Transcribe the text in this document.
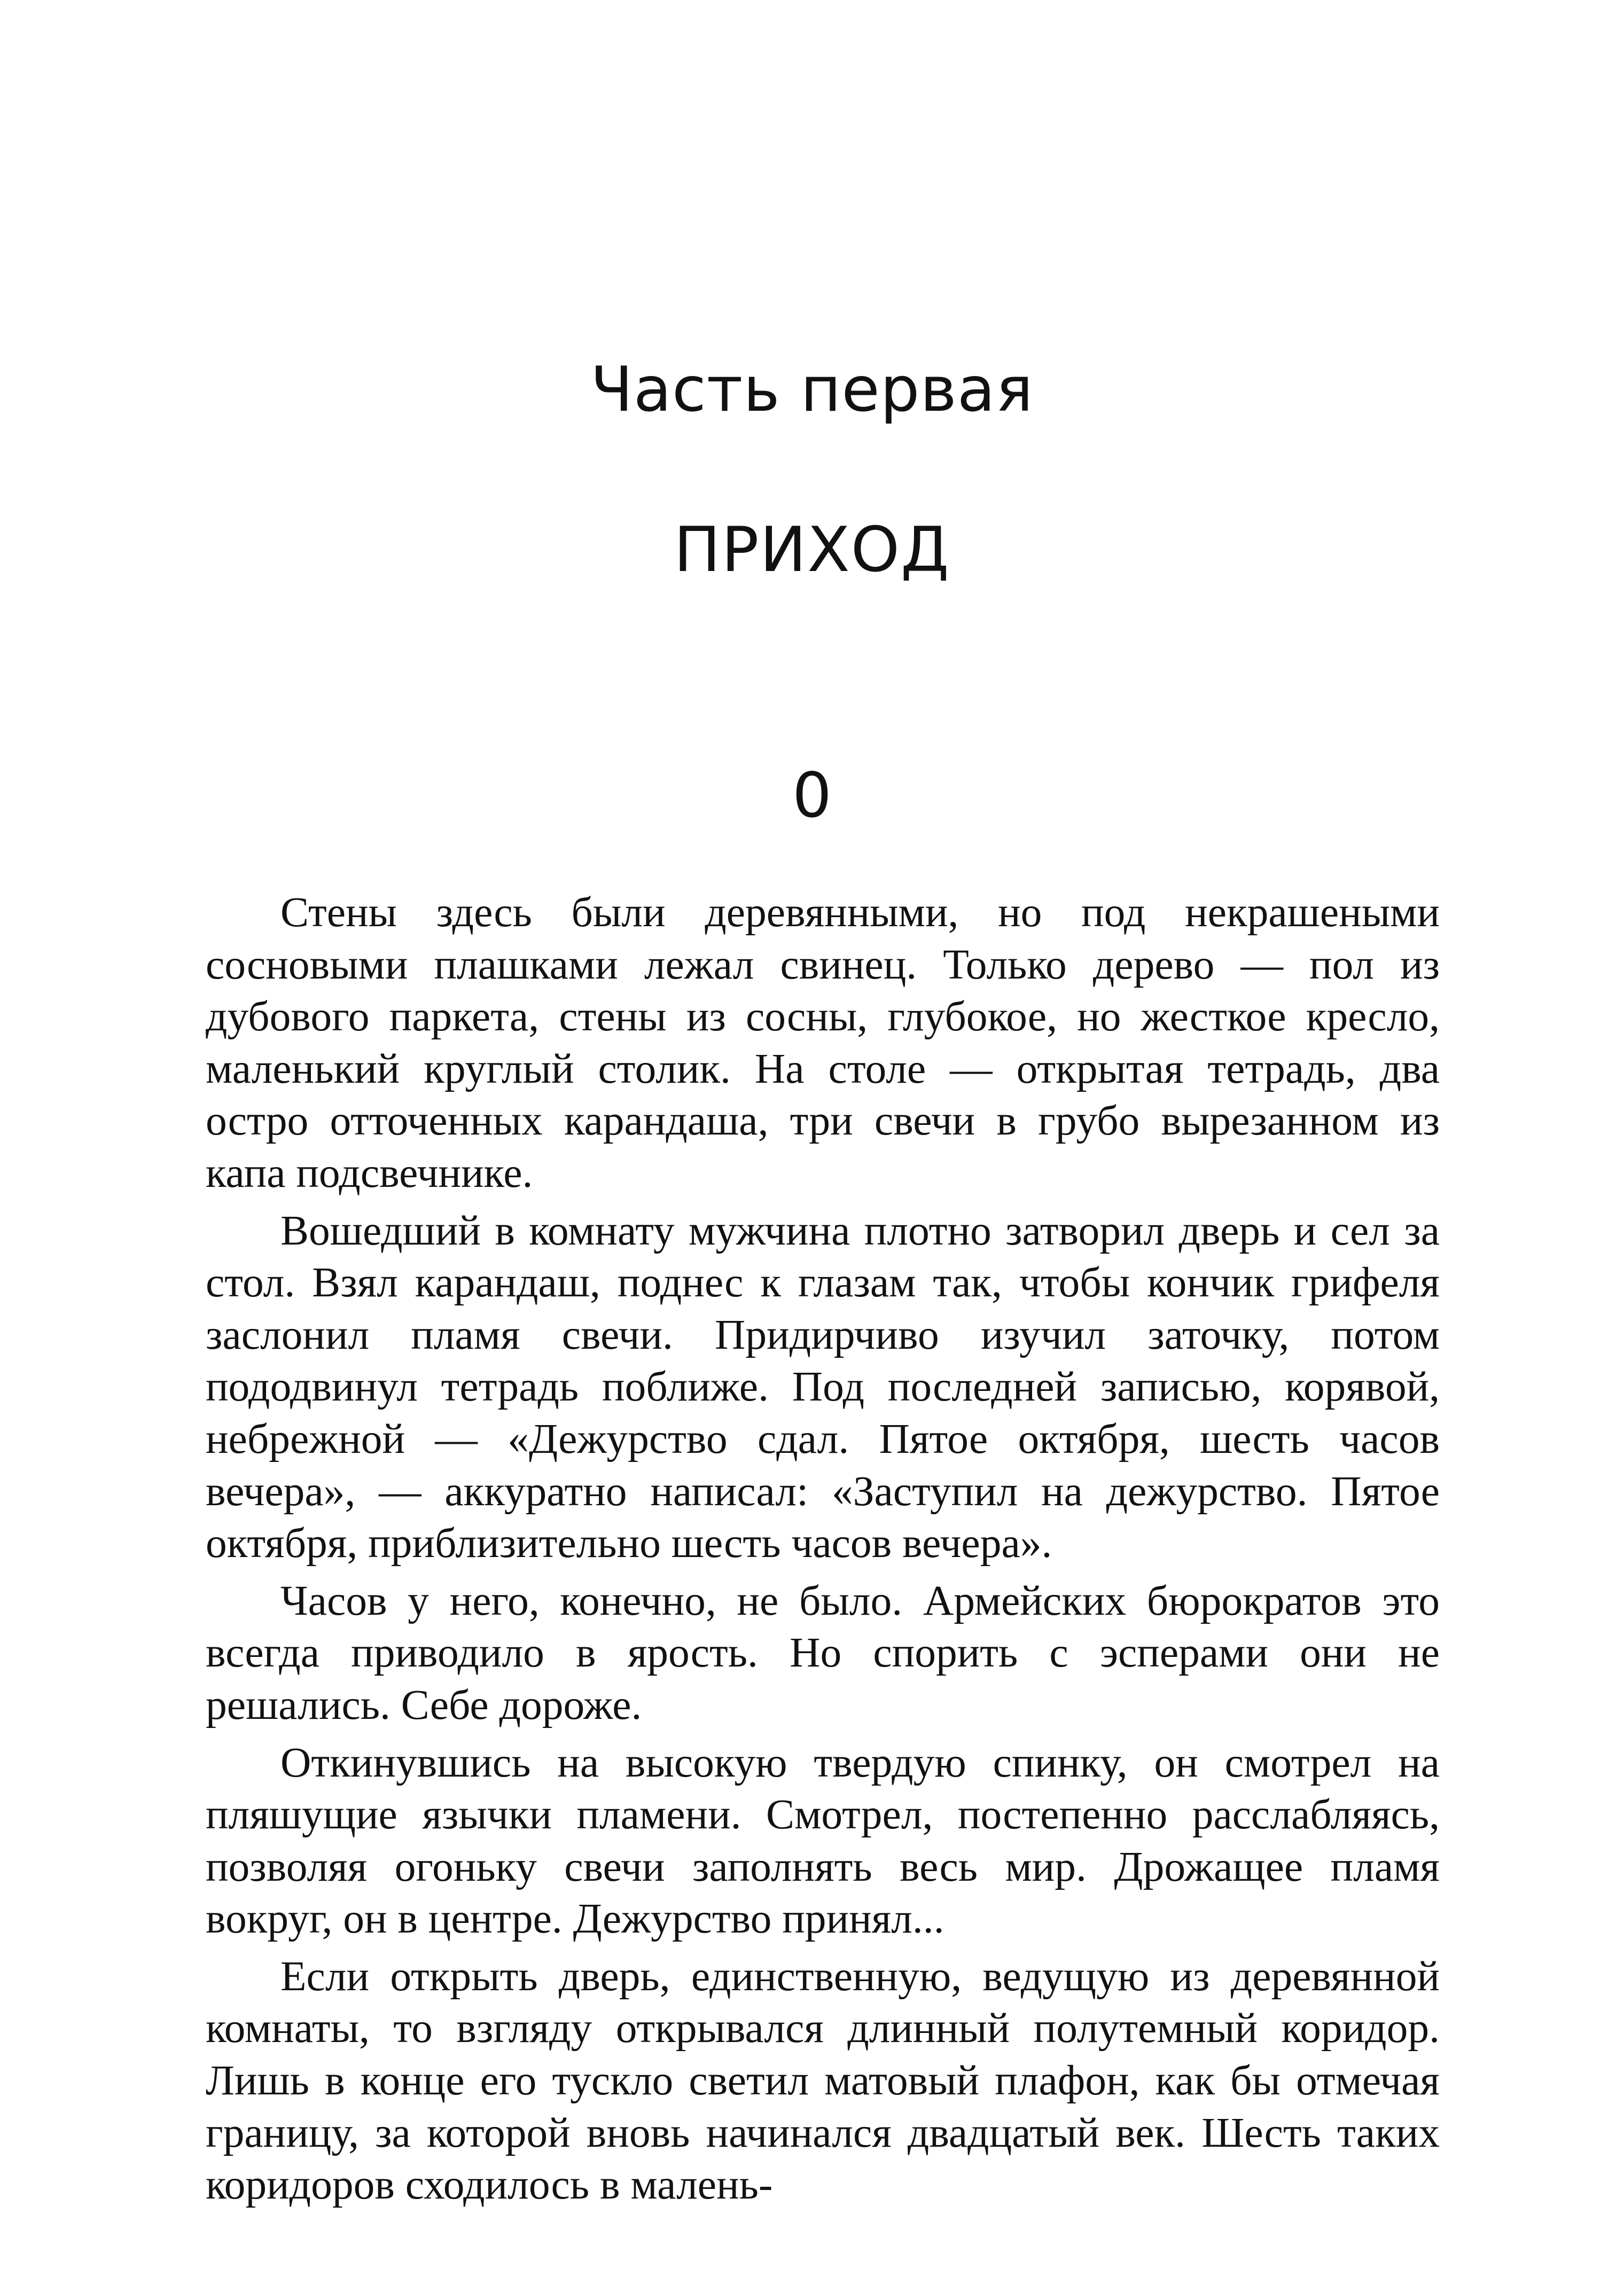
Часть первая
ПРИХОД
0

Стены здесь были деревянными, но под некрашеными сосновыми плашками лежал свинец. Только дерево — пол из дубового паркета, стены из сосны, глубокое, но жесткое кресло, маленький круглый столик. На столе — открытая тетрадь, два остро отточенных карандаша, три свечи в грубо вырезанном из капа подсвечнике.

Вошедший в комнату мужчина плотно затворил дверь и сел за стол. Взял карандаш, поднес к глазам так, чтобы кончик грифеля заслонил пламя свечи. Придирчиво изучил заточку, потом пододвинул тетрадь поближе. Под последней записью, корявой, небрежной — «Дежурство сдал. Пятое октября, шесть часов вечера», — аккуратно написал: «Заступил на дежурство. Пятое октября, приблизительно шесть часов вечера».

Часов у него, конечно, не было. Армейских бюрократов это всегда приводило в ярость. Но спорить с эсперами они не решались. Себе дороже.

Откинувшись на высокую твердую спинку, он смотрел на пляшущие язычки пламени. Смотрел, постепенно расслабляясь, позволяя огоньку свечи заполнять весь мир. Дрожащее пламя вокруг, он в центре. Дежурство принял...

Если открыть дверь, единственную, ведущую из деревянной комнаты, то взгляду открывался длинный полутемный коридор. Лишь в конце его тускло светил матовый плафон, как бы отмечая границу, за которой вновь начинался двадцатый век. Шесть таких коридоров сходилось в малень-
